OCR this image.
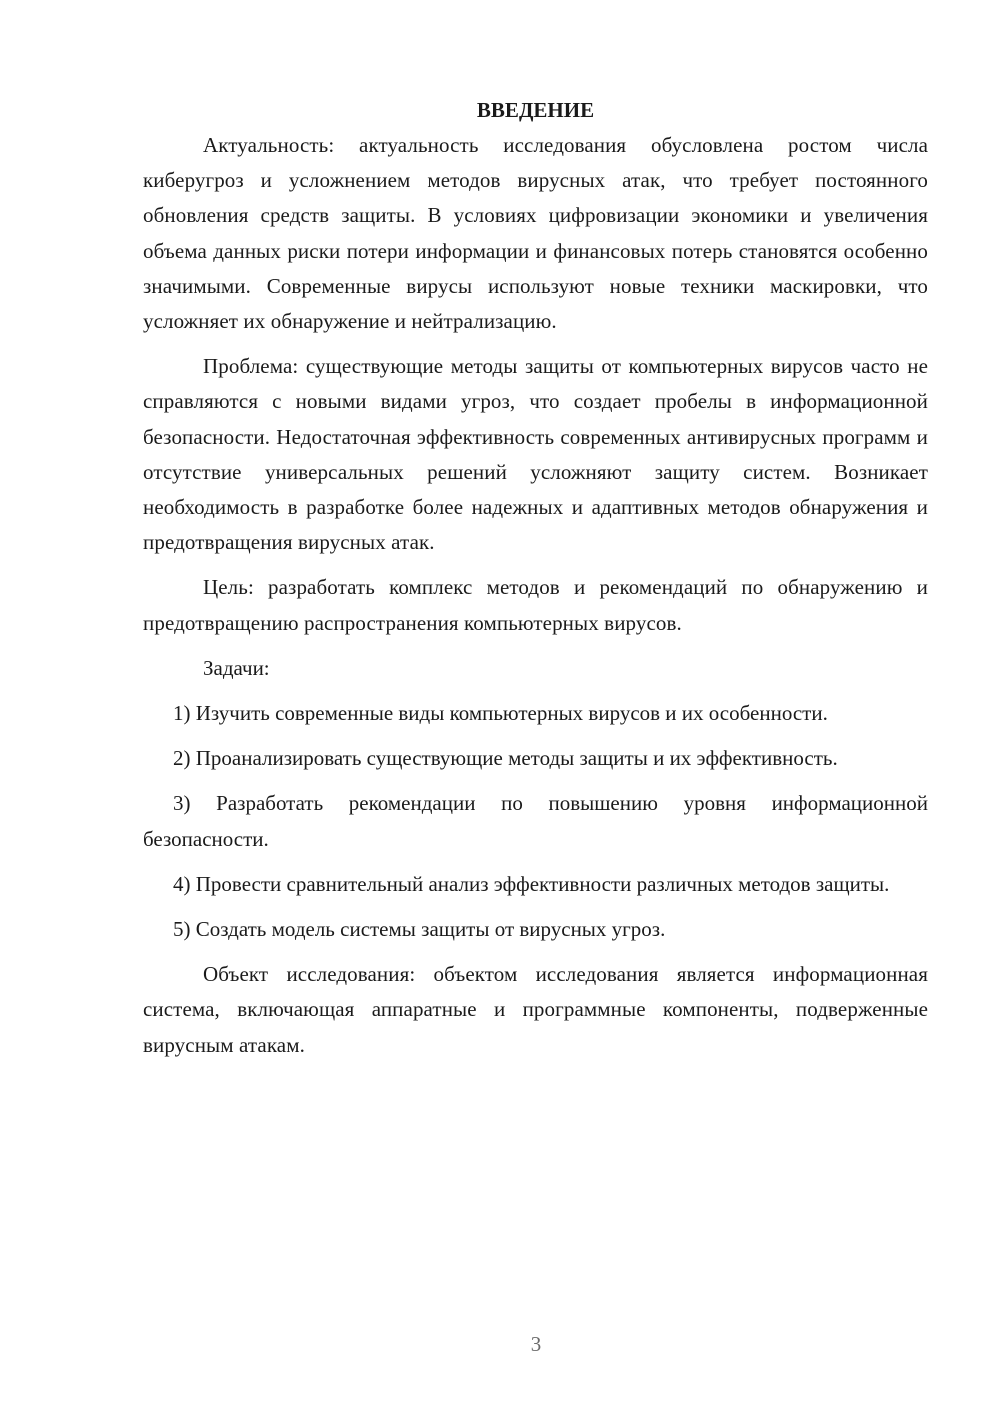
ВВЕДЕНИЕ

Актуальность: актуальность исследования обусловлена ростом числа киберугроз и усложнением методов вирусных атак, что требует постоянного обновления средств защиты. В условиях цифровизации экономики и увеличения объема данных риски потери информации и финансовых потерь становятся особенно значимыми. Современные вирусы используют новые техники маскировки, что усложняет их обнаружение и нейтрализацию.

Проблема: существующие методы защиты от компьютерных вирусов часто не справляются с новыми видами угроз, что создает пробелы в информационной безопасности. Недостаточная эффективность современных антивирусных программ и отсутствие универсальных решений усложняют защиту систем. Возникает необходимость в разработке более надежных и адаптивных методов обнаружения и предотвращения вирусных атак.

Цель: разработать комплекс методов и рекомендаций по обнаружению и предотвращению распространения компьютерных вирусов.

Задачи:

1) Изучить современные виды компьютерных вирусов и их особенности.

2) Проанализировать существующие методы защиты и их эффективность.

3) Разработать рекомендации по повышению уровня информационной безопасности.

4) Провести сравнительный анализ эффективности различных методов защиты.

5) Создать модель системы защиты от вирусных угроз.

Объект исследования: объектом исследования является информационная система, включающая аппаратные и программные компоненты, подверженные вирусным атакам.

3
